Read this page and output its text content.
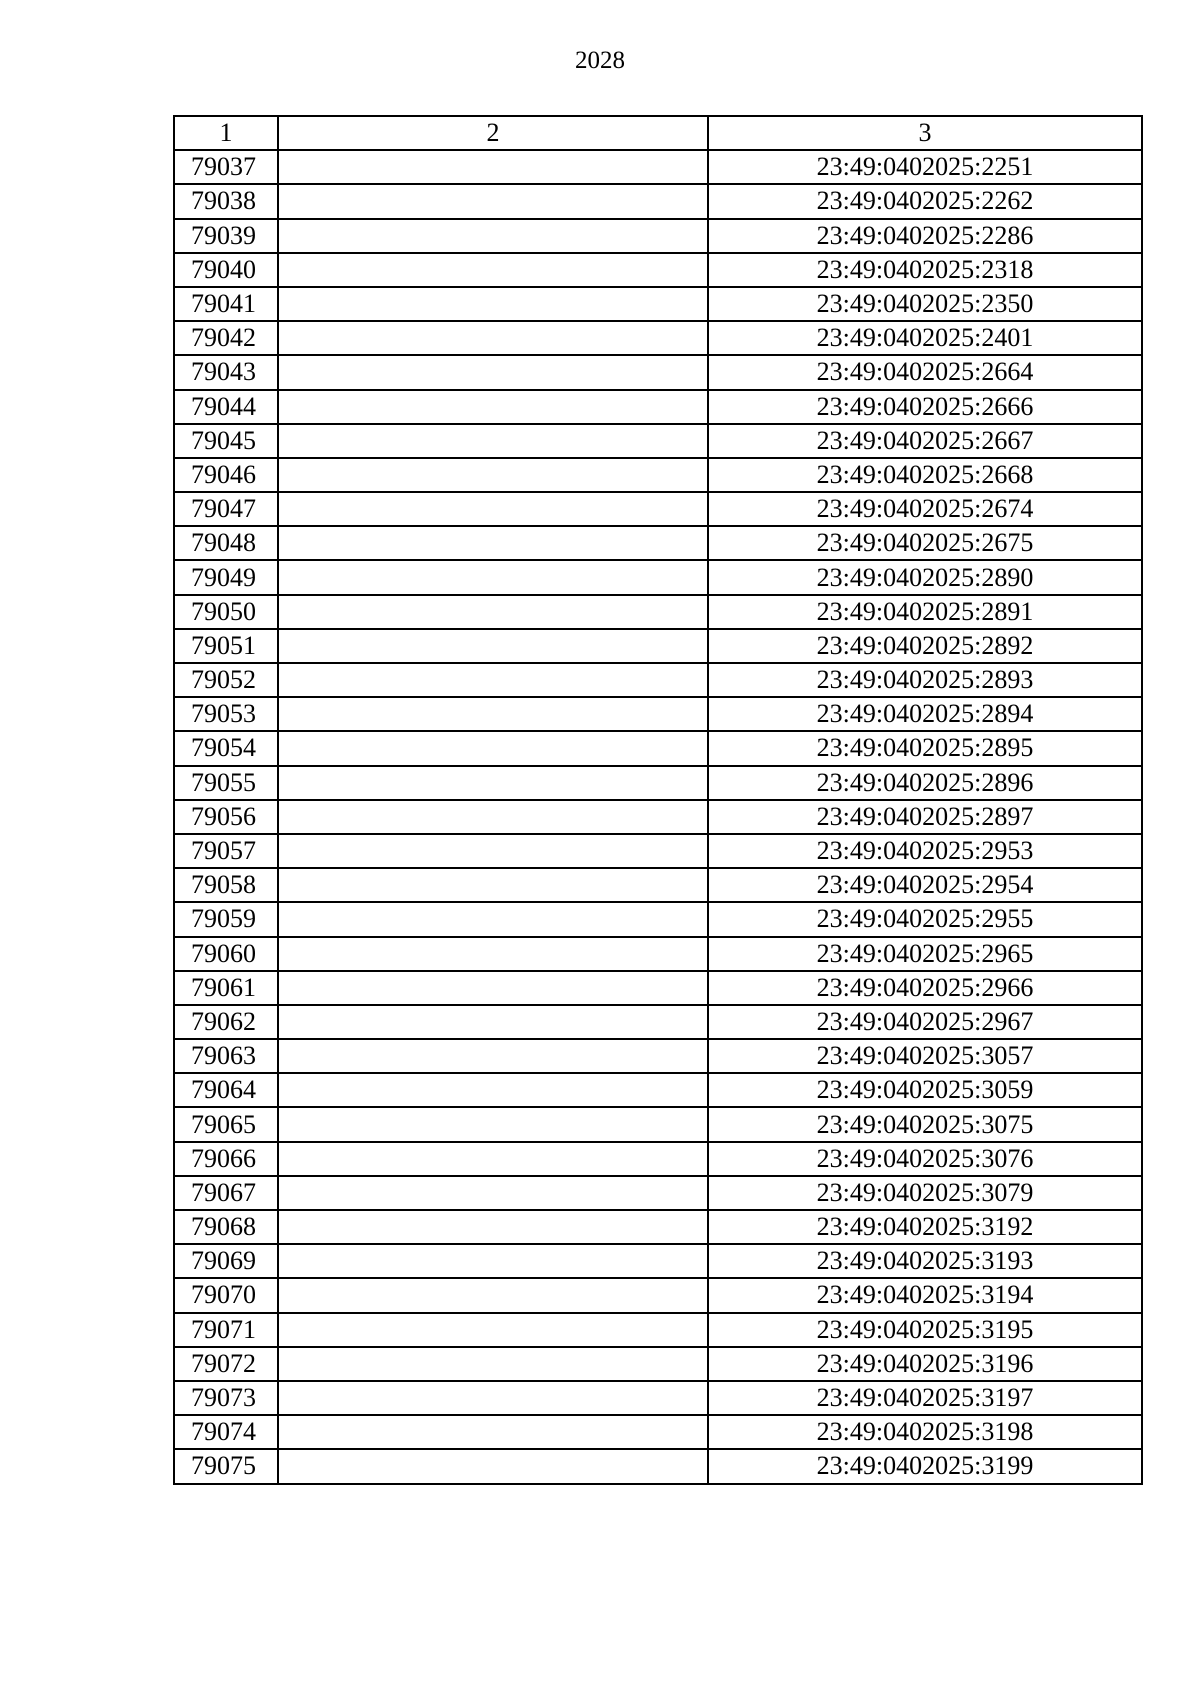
2028
1	2	3
79037		23:49:0402025:2251
79038		23:49:0402025:2262
79039		23:49:0402025:2286
79040		23:49:0402025:2318
79041		23:49:0402025:2350
79042		23:49:0402025:2401
79043		23:49:0402025:2664
79044		23:49:0402025:2666
79045		23:49:0402025:2667
79046		23:49:0402025:2668
79047		23:49:0402025:2674
79048		23:49:0402025:2675
79049		23:49:0402025:2890
79050		23:49:0402025:2891
79051		23:49:0402025:2892
79052		23:49:0402025:2893
79053		23:49:0402025:2894
79054		23:49:0402025:2895
79055		23:49:0402025:2896
79056		23:49:0402025:2897
79057		23:49:0402025:2953
79058		23:49:0402025:2954
79059		23:49:0402025:2955
79060		23:49:0402025:2965
79061		23:49:0402025:2966
79062		23:49:0402025:2967
79063		23:49:0402025:3057
79064		23:49:0402025:3059
79065		23:49:0402025:3075
79066		23:49:0402025:3076
79067		23:49:0402025:3079
79068		23:49:0402025:3192
79069		23:49:0402025:3193
79070		23:49:0402025:3194
79071		23:49:0402025:3195
79072		23:49:0402025:3196
79073		23:49:0402025:3197
79074		23:49:0402025:3198
79075		23:49:0402025:3199
